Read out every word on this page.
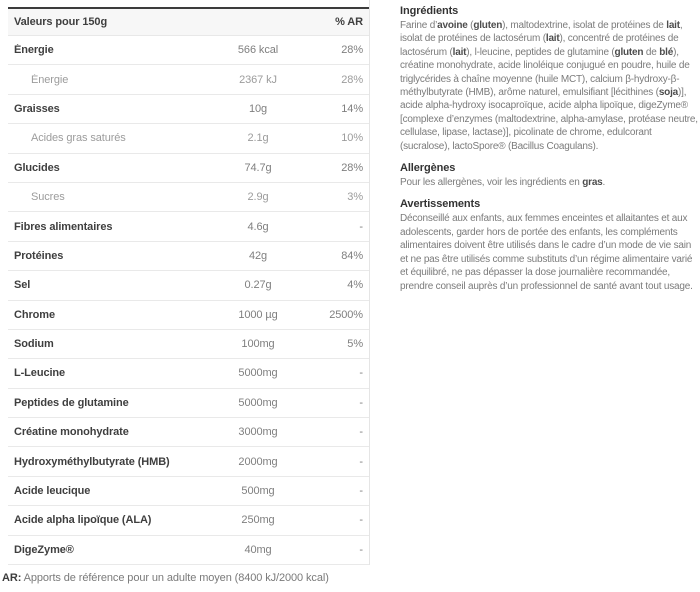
Valeurs pour 150g	% AR
Énergie	566 kcal	28%
Énergie	2367 kJ	28%
Graisses	10g	14%
Acides gras saturés	2.1g	10%
Glucides	74.7g	28%
Sucres	2.9g	3%
Fibres alimentaires	4.6g	-
Protéines	42g	84%
Sel	0.27g	4%
Chrome	1000 µg	2500%
Sodium	100mg	5%
L-Leucine	5000mg	-
Peptides de glutamine	5000mg	-
Créatine monohydrate	3000mg	-
Hydroxyméthylbutyrate (HMB)	2000mg	-
Acide leucique	500mg	-
Acide alpha lipoïque (ALA)	250mg	-
DigeZyme®	40mg	-
AR: Apports de référence pour un adulte moyen (8400 kJ/2000 kcal)
Ingrédients

Farine d’avoine (gluten), maltodextrine, isolat de protéines de lait, isolat de protéines de lactosérum (lait), concentré de protéines de lactosérum (lait), l-leucine, peptides de glutamine (gluten de blé), créatine monohydrate, acide linoléique conjugué en poudre, huile de triglycérides à chaîne moyenne (huile MCT), calcium β-hydroxy-β-méthylbutyrate (HMB), arôme naturel, emulsifiant [lécithines (soja)], acide alpha-hydroxy isocaproïque, acide alpha lipoïque, digeZyme® [complexe d’enzymes (maltodextrine, alpha-amylase, protéase neutre, cellulase, lipase, lactase)], picolinate de chrome, edulcorant (sucralose), lactoSpore® (Bacillus Coagulans).

Allergènes

Pour les allergènes, voir les ingrédients en gras.

Avertissements

Déconseillé aux enfants, aux femmes enceintes et allaitantes et aux adolescents, garder hors de portée des enfants, les compléments alimentaires doivent être utilisés dans le cadre d’un mode de vie sain et ne pas être utilisés comme substituts d’un régime alimentaire varié et équilibré, ne pas dépasser la dose journalière recommandée, prendre conseil auprès d’un professionnel de santé avant tout usage.
